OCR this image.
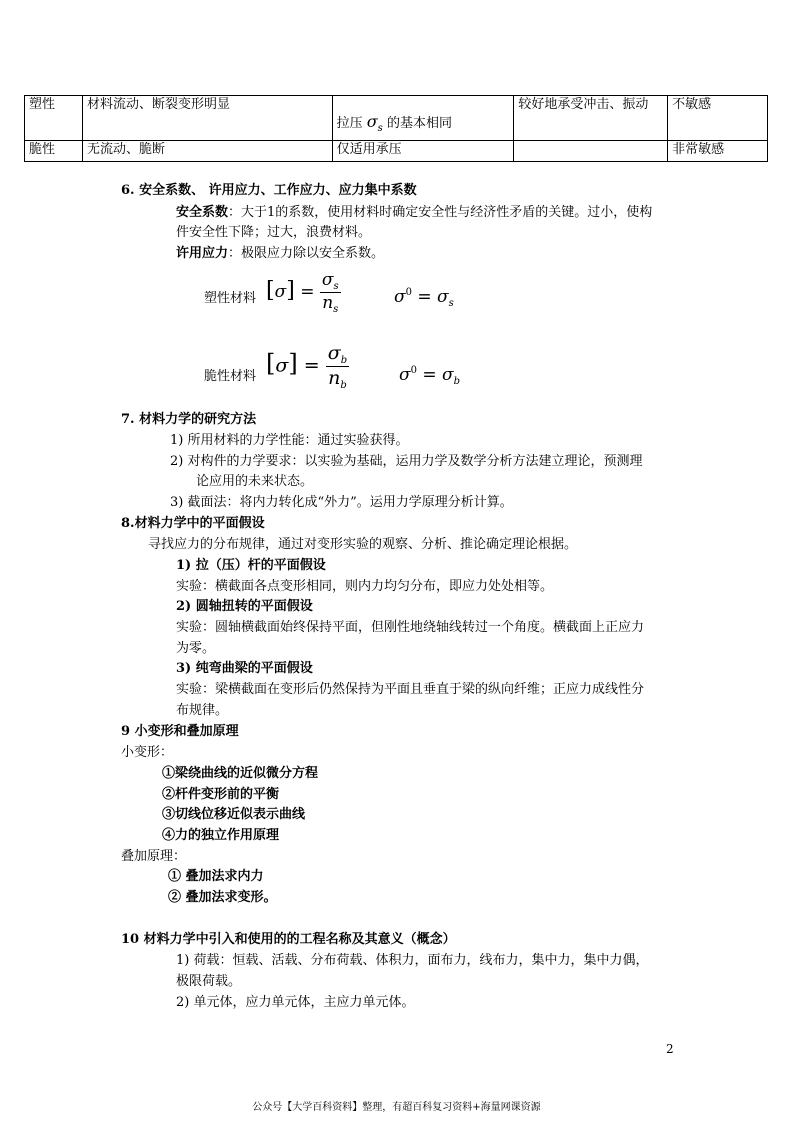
塑性	材料流动、断裂变形明显	拉压 $\sigma_s$ 的基本相同	较好地承受冲击、振动	不敏感
脆性	无流动、脆断	仅适用承压		非常敏感
6. 安全系数、 许用应力、工作应力、应力集中系数
安全系数：大于1的系数，使用材料时确定安全性与经济性矛盾的关键。过小，使构
件安全性下降；过大，浪费材料。
许用应力：极限应力除以安全系数。
塑性材料 $[\sigma] = \frac{\sigma_s}{n_s}$	$\sigma^0 = \sigma_s$
脆性材料 $[\sigma] = \frac{\sigma_b}{n_b}$	$\sigma^0 = \sigma_b$
7. 材料力学的研究方法
1) 所用材料的力学性能：通过实验获得。
2) 对构件的力学要求：以实验为基础，运用力学及数学分析方法建立理论，预测理
论应用的未来状态。
3) 截面法：将内力转化成“外力”。运用力学原理分析计算。
8.材料力学中的平面假设
寻找应力的分布规律，通过对变形实验的观察、分析、推论确定理论根据。
1) 拉（压）杆的平面假设
实验：横截面各点变形相同，则内力均匀分布，即应力处处相等。
2) 圆轴扭转的平面假设
实验：圆轴横截面始终保持平面，但刚性地绕轴线转过一个角度。横截面上正应力
为零。
3) 纯弯曲梁的平面假设
实验：梁横截面在变形后仍然保持为平面且垂直于梁的纵向纤维；正应力成线性分
布规律。
9 小变形和叠加原理
小变形：
①梁绕曲线的近似微分方程
②杆件变形前的平衡
③切线位移近似表示曲线
④力的独立作用原理
叠加原理：
① 叠加法求内力
② 叠加法求变形。
10 材料力学中引入和使用的的工程名称及其意义（概念）
1) 荷载：恒载、活载、分布荷载、体积力，面布力，线布力，集中力，集中力偶，
极限荷载。
2) 单元体，应力单元体，主应力单元体。
2
公众号【大学百科资料】整理，有超百科复习资料+海量网课资源
